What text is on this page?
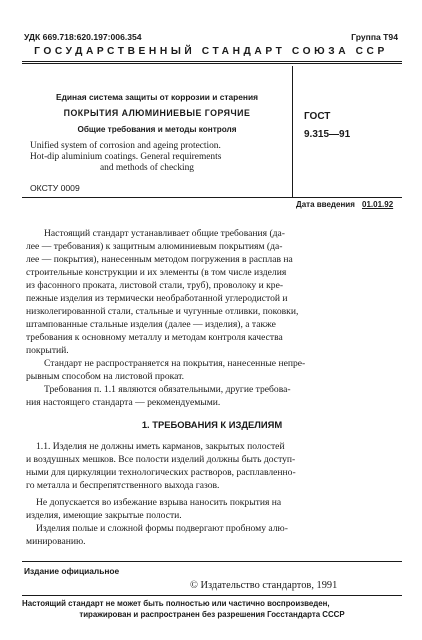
УДК 669.718:620.197:006.354	Группа Т94
ГОСУДАРСТВЕННЫЙ СТАНДАРТ СОЮЗА ССР
Единая система защиты от коррозии и старения
ПОКРЫТИЯ АЛЮМИНИЕВЫЕ ГОРЯЧИЕ
Общие требования и методы контроля
Unified system of corrosion and ageing protection.
Hot-dip aluminium coatings. General requirements
and methods of checking
ОКСТУ 0009
ГОСТ
9.315—91
Дата введения 01.01.92
Настоящий стандарт устанавливает общие требования (да-
лее — требования) к защитным алюминиевым покрытиям (да-
лее — покрытия), нанесенным методом погружения в расплав на
строительные конструкции и их элементы (в том числе изделия
из фасонного проката, листовой стали, труб), проволоку и кре-
пежные изделия из термически необработанной углеродистой и
низколегированной стали, стальные и чугунные отливки, поковки,
штампованные стальные изделия (далее — изделия), а также
требования к основному металлу и методам контроля качества
покрытий.
Стандарт не распространяется на покрытия, нанесенные непре-
рывным способом на листовой прокат.
Требования п. 1.1 являются обязательными, другие требова-
ния настоящего стандарта — рекомендуемыми.
1. ТРЕБОВАНИЯ К ИЗДЕЛИЯМ
1.1. Изделия не должны иметь карманов, закрытых полостей
и воздушных мешков. Все полости изделий должны быть доступ-
ными для циркуляции технологических растворов, расплавленно-
го металла и беспрепятственного выхода газов.
Не допускается во избежание взрыва наносить покрытия на
изделия, имеющие закрытые полости.
Изделия полые и сложной формы подвергают пробному алю-
минированию.
Издание официальное
© Издательство стандартов, 1991
Настоящий стандарт не может быть полностью или частично воспроизведен,
тиражирован и распространен без разрешения Госстандарта СССР
